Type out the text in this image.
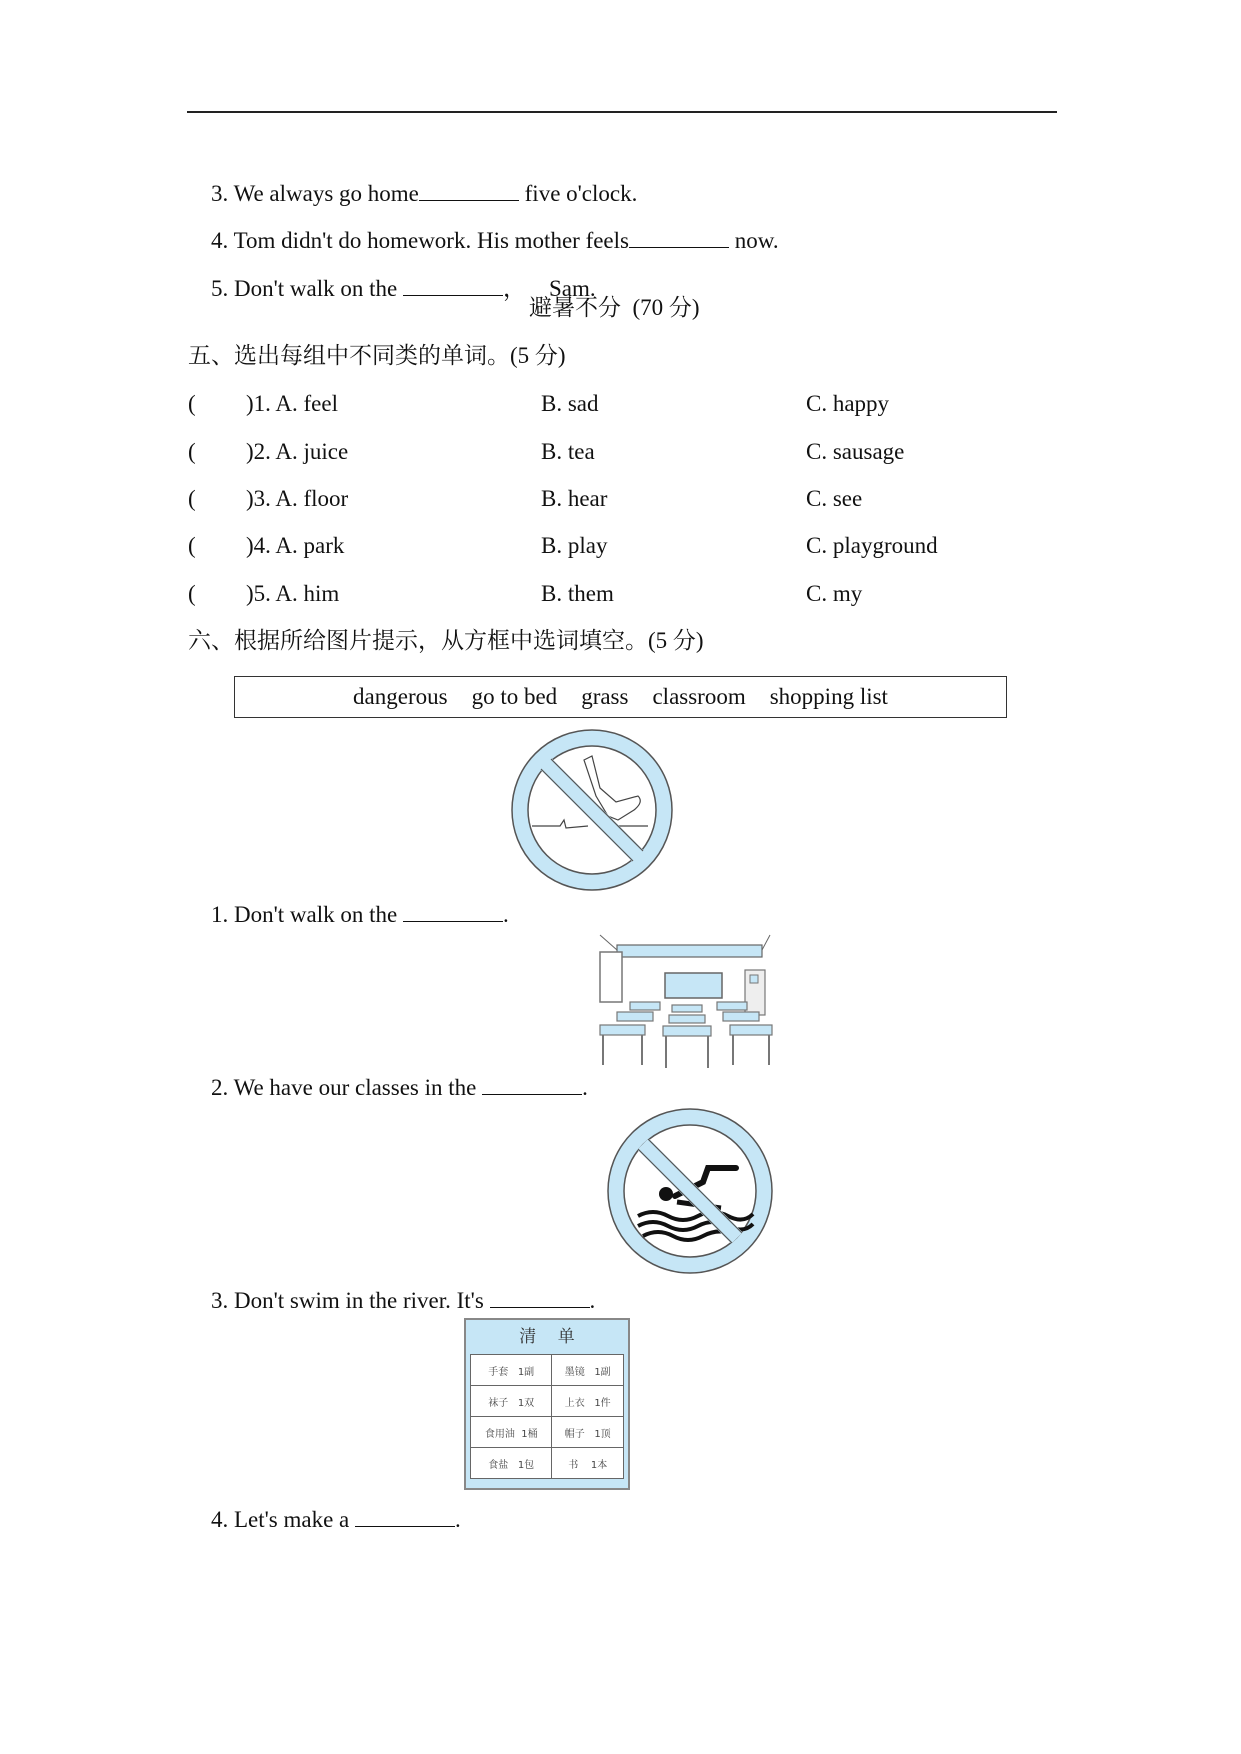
3. We always go home	five o'clock.

4. Tom didn't do homework. His mother feels	now.

5. Don't walk on the	，    Sam.

避暑不分  (70 分)
五、选出每组中不同类的单词。(5 分)
( )1. A. feel	B. sad	C. happy
( )2. A. juice	B. tea	C. sausage
( )3. A. floor	B. hear	C. see
( )4. A. park	B. play	C. playground
( )5. A. him	B. them	C. my
六、根据所给图片提示，从方框中选词填空。(5 分)
dangerous go to bed grass classroom shopping list

1. Don't walk on the	.

2. We have our classes in the	.

3. Don't swim in the river. It's	.

清    单
手套 1副	墨镜 1副
袜子 1双	上衣 1件
食用油 1桶	帽子 1顶
食盐 1包	书 1本

4. Let's make a	.
